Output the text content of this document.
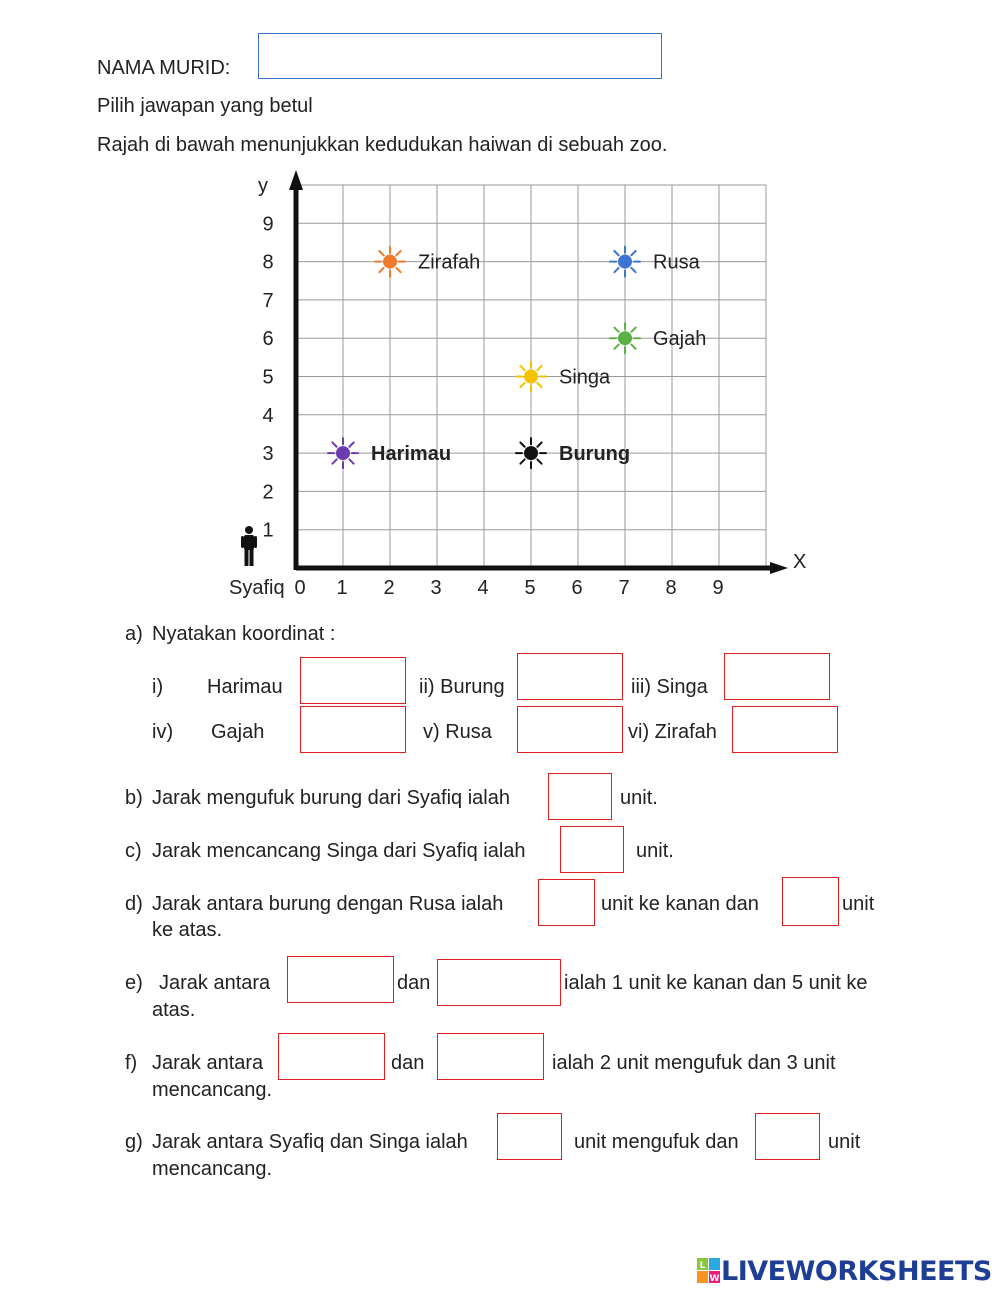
NAMA MURID:
Pilih jawapan yang betul
Rajah di bawah menunjukkan kedudukan haiwan di sebuah zoo.
0 1 2 3 4 5 6 7 8 9
1
2
3
4
5
6
7
8
9
Zirafah	Rusa
Gajah
Singa
Harimau	Burung
Syafiq
X
y
a) Nyatakan koordinat :
i) Harimau	ii) Burung	iii) Singa
iv) Gajah	v) Rusa	vi) Zirafah
b) Jarak mengufuk burung dari Syafiq ialah	unit.
c) Jarak mencancang Singa dari Syafiq ialah	unit.
d) Jarak antara burung dengan Rusa ialah	unit ke kanan dan	unit
ke atas.
e) Jarak antara	dan	ialah 1 unit ke kanan dan 5 unit ke
atas.
f) Jarak antara	dan	ialah 2 unit mengufuk dan 3 unit
mencancang.
g) Jarak antara Syafiq dan Singa ialah	unit mengufuk dan	unit
mencancang.
L
W LIVEWORKSHEETS
